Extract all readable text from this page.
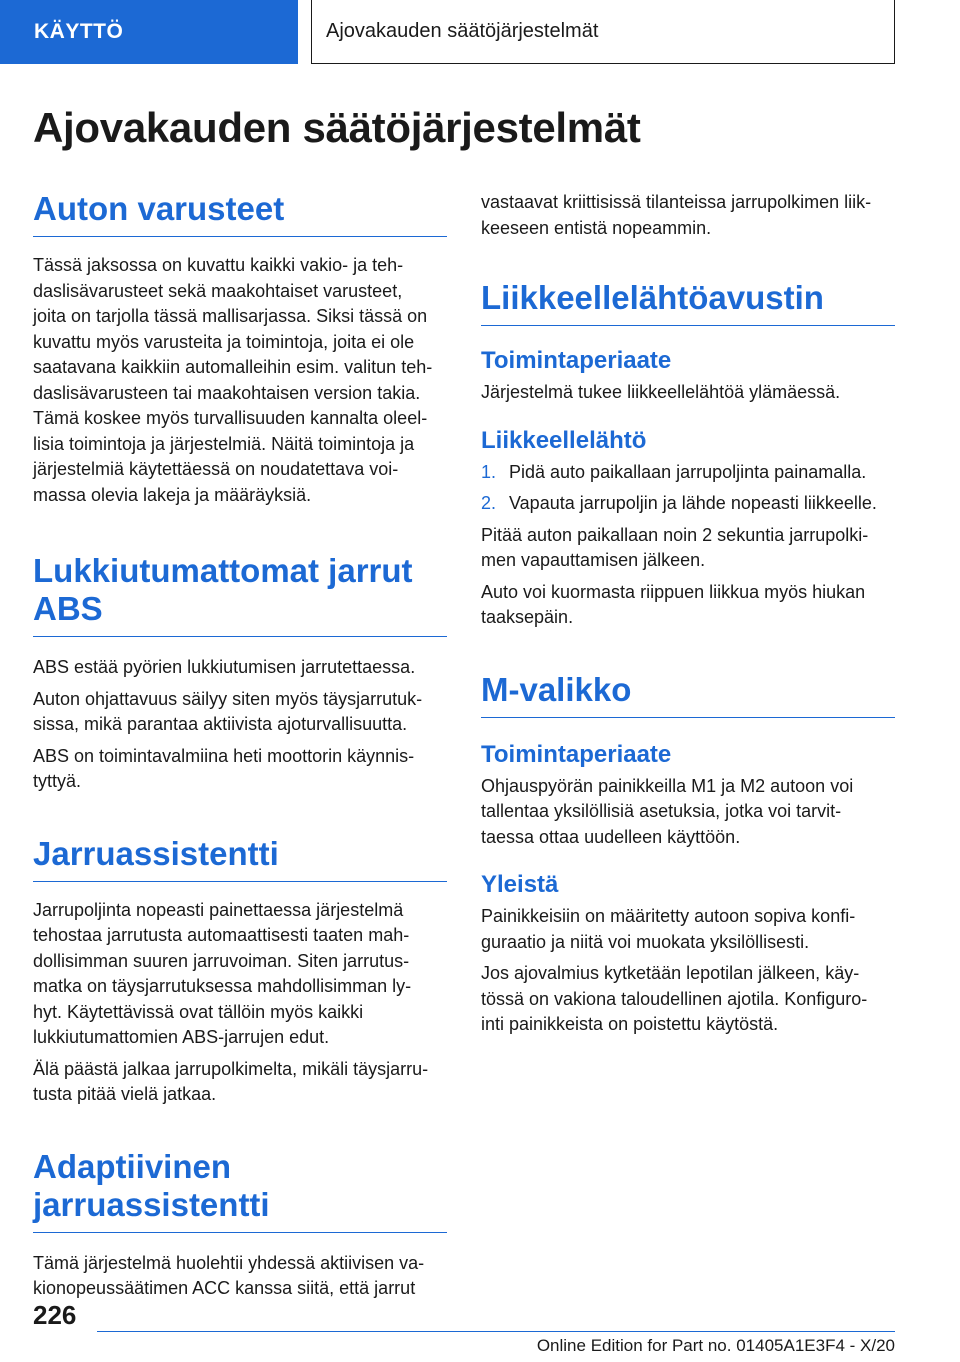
KÄYTTÖ	Ajovakauden säätöjärjestelmät
Ajovakauden säätöjärjestelmät
Auton varusteet

Tässä jaksossa on kuvattu kaikki vakio- ja teh-
daslisävarusteet sekä maakohtaiset varusteet,
joita on tarjolla tässä mallisarjassa. Siksi tässä on
kuvattu myös varusteita ja toimintoja, joita ei ole
saatavana kaikkiin automalleihin esim. valitun teh-
daslisävarusteen tai maakohtaisen version takia.
Tämä koskee myös turvallisuuden kannalta oleel-
lisia toimintoja ja järjestelmiä. Näitä toimintoja ja
järjestelmiä käytettäessä on noudatettava voi-
massa olevia lakeja ja määräyksiä.

Lukkiutumattomat jarrut
ABS

ABS estää pyörien lukkiutumisen jarrutettaessa.

Auton ohjattavuus säilyy siten myös täysjarrutuk-
sissa, mikä parantaa aktiivista ajoturvallisuutta.

ABS on toimintavalmiina heti moottorin käynnis-
tyttyä.

Jarruassistentti

Jarrupoljinta nopeasti painettaessa järjestelmä
tehostaa jarrutusta automaattisesti taaten mah-
dollisimman suuren jarruvoiman. Siten jarrutus-
matka on täysjarrutuksessa mahdollisimman ly-
hyt. Käytettävissä ovat tällöin myös kaikki
lukkiutumattomien ABS-jarrujen edut.

Älä päästä jalkaa jarrupolkimelta, mikäli täysjarru-
tusta pitää vielä jatkaa.

Adaptiivinen
jarruassistentti

Tämä järjestelmä huolehtii yhdessä aktiivisen va-
kionopeussäätimen ACC kanssa siitä, että jarrut

vastaavat kriittisissä tilanteissa jarrupolkimen liik-
keeseen entistä nopeammin.

Liikkeellelähtöavustin
Toimintaperiaate

Järjestelmä tukee liikkeellelähtöä ylämäessä.

Liikkeellelähtö
1. Pidä auto paikallaan jarrupoljinta painamalla.
2. Vapauta jarrupoljin ja lähde nopeasti liikkeelle.

Pitää auton paikallaan noin 2 sekuntia jarrupolki-
men vapauttamisen jälkeen.

Auto voi kuormasta riippuen liikkua myös hiukan
taaksepäin.

M-valikko
Toimintaperiaate

Ohjauspyörän painikkeilla M1 ja M2 autoon voi
tallentaa yksilöllisiä asetuksia, jotka voi tarvit-
taessa ottaa uudelleen käyttöön.

Yleistä

Painikkeisiin on määritetty autoon sopiva konfi-
guraatio ja niitä voi muokata yksilöllisesti.

Jos ajovalmius kytketään lepotilan jälkeen, käy-
tössä on vakiona taloudellinen ajotila. Konfiguro-
inti painikkeista on poistettu käytöstä.

226
Online Edition for Part no. 01405A1E3F4 - X/20
